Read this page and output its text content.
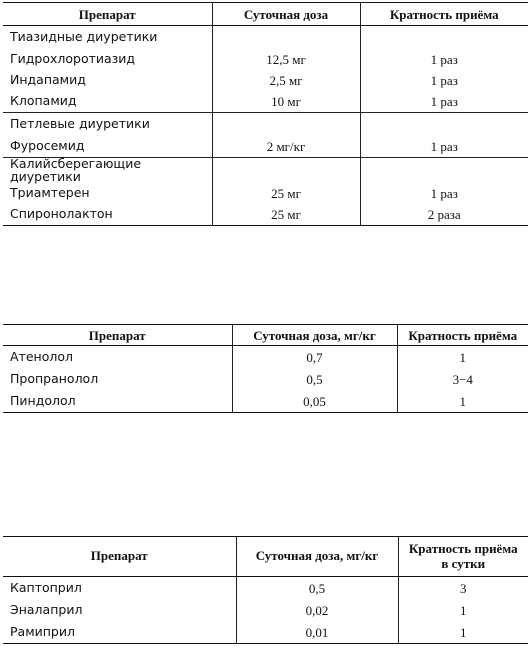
Препарат	Суточная доза	Кратность приёма
Тиазидные диуретики		
Гидрохлоротиазид	12,5 мг	1 раз
Индапамид	2,5 мг	1 раз
Клопамид	10 мг	1 раз
Петлевые диуретики		
Фуросемид	2 мг/кг	1 раз
Калийсберегающие диуретики		
Триамтерен	25 мг	1 раз
Спиронолактон	25 мг	2 раза
Препарат	Суточная доза, мг/кг	Кратность приёма
Атенолол	0,7	1
Пропранолол	0,5	3−4
Пиндолол	0,05	1
Препарат	Суточная доза, мг/кг	Кратность приёма
в сутки
Каптоприл	0,5	3
Эналаприл	0,02	1
Рамиприл	0,01	1
